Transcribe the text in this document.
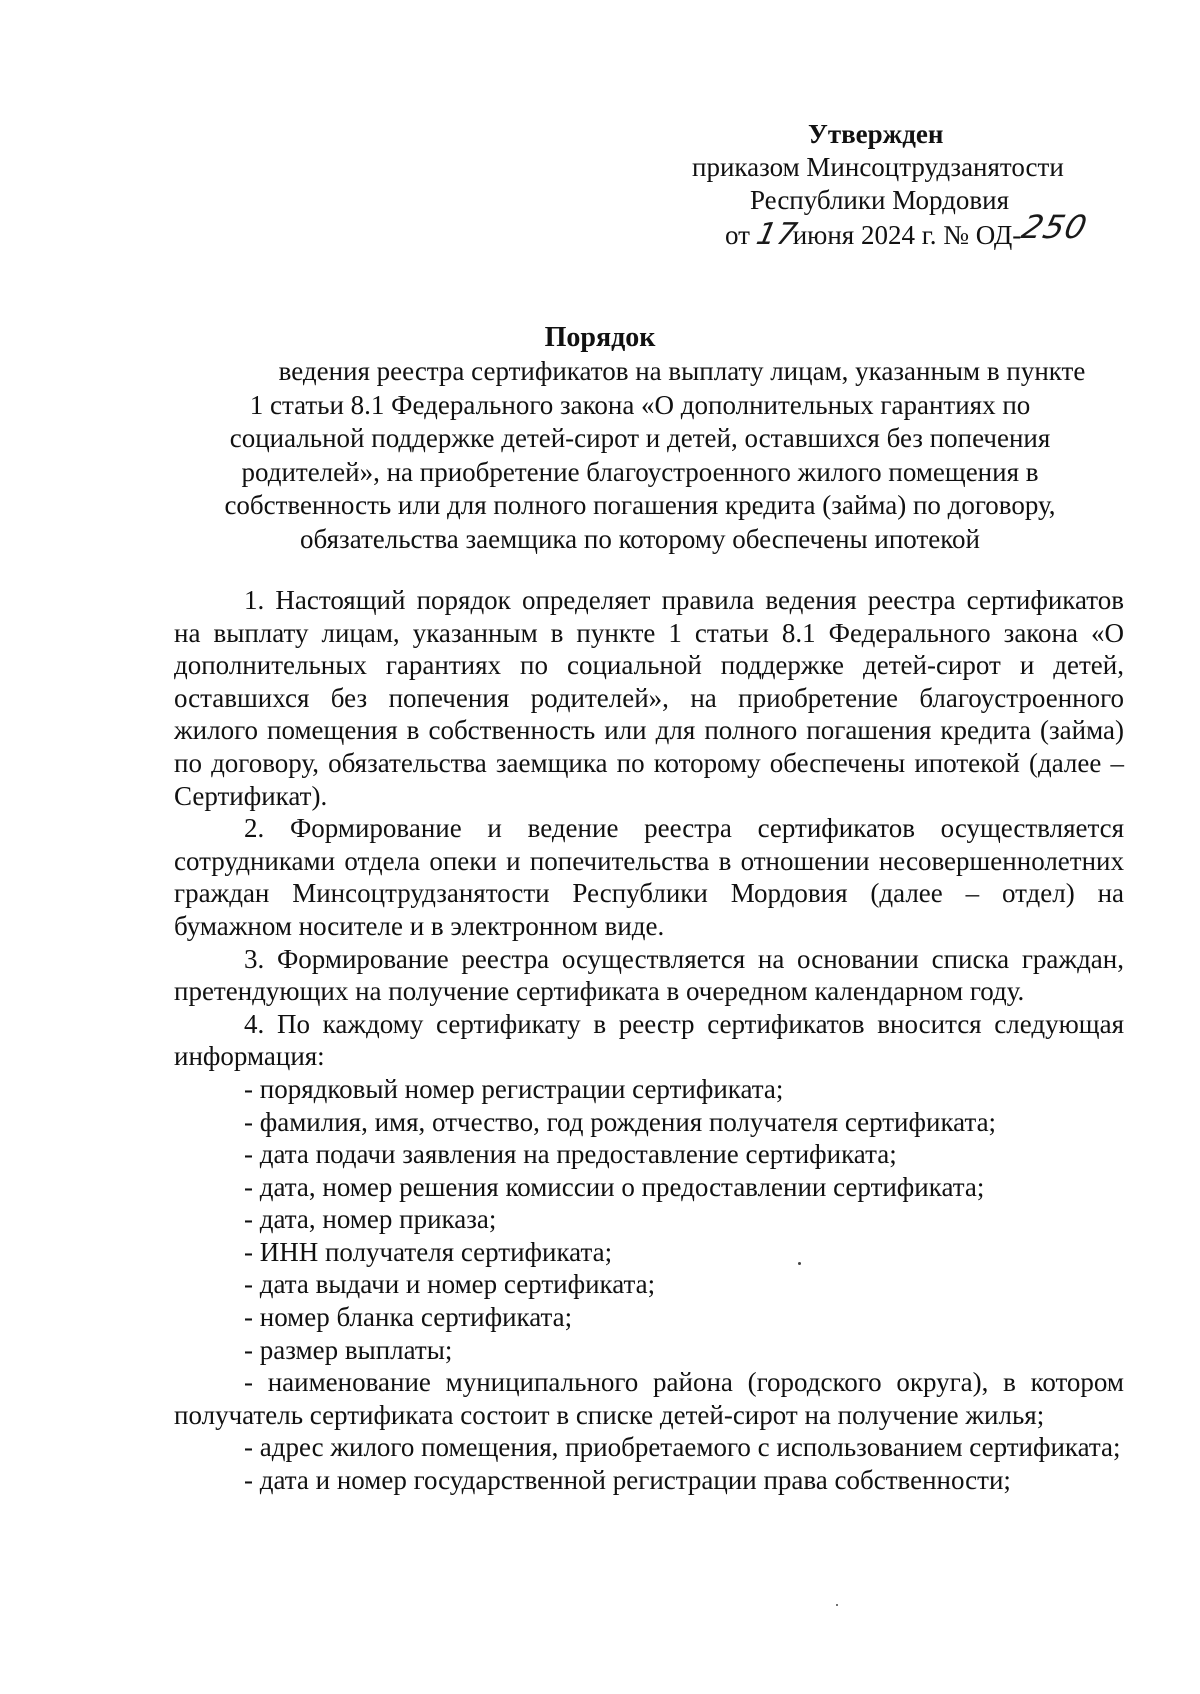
Утвержден
приказом Минсоцтрудзанятости
Республики Мордовия
от 17июня 2024 г. № ОД-250
Порядок
ведения реестра сертификатов на выплату лицам, указанным в пункте
1 статьи 8.1 Федерального закона «О дополнительных гарантиях по
социальной поддержке детей-сирот и детей, оставшихся без попечения
родителей», на приобретение благоустроенного жилого помещения в
собственность или для полного погашения кредита (займа) по договору,
обязательства заемщика по которому обеспечены ипотекой

1. Настоящий порядок определяет правила ведения реестра сертификатов на выплату лицам, указанным в пункте 1 статьи 8.1 Федерального закона «О дополнительных гарантиях по социальной поддержке детей-сирот и детей, оставшихся без попечения родителей», на приобретение благоустроенного жилого помещения в собственность или для полного погашения кредита (займа) по договору, обязательства заемщика по которому обеспечены ипотекой (далее – Сертификат).

2. Формирование и ведение реестра сертификатов осуществляется сотрудниками отдела опеки и попечительства в отношении несовершеннолетних граждан Минсоцтрудзанятости Республики Мордовия (далее – отдел) на бумажном носителе и в электронном виде.

3. Формирование реестра осуществляется на основании списка граждан, претендующих на получение сертификата в очередном календарном году.

4. По каждому сертификату в реестр сертификатов вносится следующая информация:

- порядковый номер регистрации сертификата;

- фамилия, имя, отчество, год рождения получателя сертификата;

- дата подачи заявления на предоставление сертификата;

- дата, номер решения комиссии о предоставлении сертификата;

- дата, номер приказа;

- ИНН получателя сертификата;

- дата выдачи и номер сертификата;

- номер бланка сертификата;

- размер выплаты;

- наименование муниципального района (городского округа), в котором получатель сертификата состоит в списке детей-сирот на получение жилья;

- адрес жилого помещения, приобретаемого с использованием сертификата;

- дата и номер государственной регистрации права собственности;
